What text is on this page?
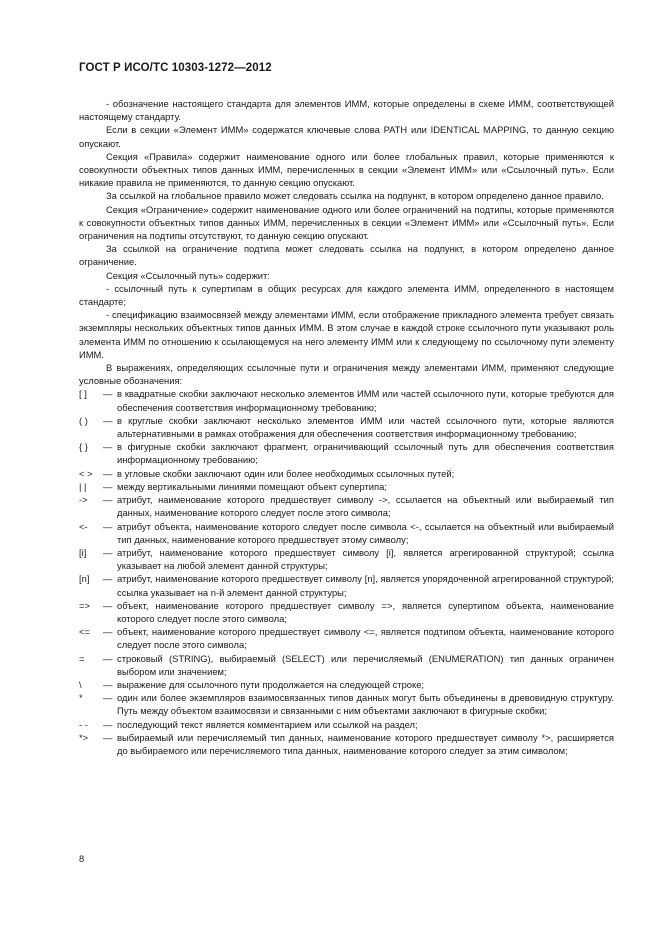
ГОСТ Р ИСО/ТС 10303-1272—2012

- обозначение настоящего стандарта для элементов ИММ, которые определены в схеме ИММ, соответствующей настоящему стандарту.

Если в секции «Элемент ИММ» содержатся ключевые слова PATH или IDENTICAL MAPPING, то данную секцию опускают.

Секция «Правила» содержит наименование одного или более глобальных правил, которые применяются к совокупности объектных типов данных ИММ, перечисленных в секции «Элемент ИММ» или «Ссылочный путь». Если никакие правила не применяются, то данную секцию опускают.

За ссылкой на глобальное правило может следовать ссылка на подпункт, в котором определено данное правило.

Секция «Ограничение» содержит наименование одного или более ограничений на подтипы, которые применяются к совокупности объектных типов данных ИММ, перечисленных в секции «Элемент ИММ» или «Ссылочный путь». Если ограничения на подтипы отсутствуют, то данную секцию опускают.

За ссылкой на ограничение подтипа может следовать ссылка на подпункт, в котором определено данное ограничение.

Секция «Ссылочный путь» содержит:

- ссылочный путь к супертипам в общих ресурсах для каждого элемента ИММ, определенного в настоящем стандарте;

- спецификацию взаимосвязей между элементами ИММ, если отображение прикладного элемента требует связать экземпляры нескольких объектных типов данных ИММ. В этом случае в каждой строке ссылочного пути указывают роль элемента ИММ по отношению к ссылающемуся на него элементу ИММ или к следующему по ссылочному пути элементу ИММ.

В выражениях, определяющих ссылочные пути и ограничения между элементами ИММ, применяют следующие условные обозначения:

[ ] — в квадратные скобки заключают несколько элементов ИММ или частей ссылочного пути, которые требуются для обеспечения соответствия информационному требованию;
( ) — в круглые скобки заключают несколько элементов ИММ или частей ссылочного пути, которые являются альтернативными в рамках отображения для обеспечения соответствия информационному требованию;
{ } — в фигурные скобки заключают фрагмент, ограничивающий ссылочный путь для обеспечения соответствия информационному требованию;
< > — в угловые скобки заключают один или более необходимых ссылочных путей;
| | — между вертикальными линиями помещают объект супертипа;
-> — атрибут, наименование которого предшествует символу ->, ссылается на объектный или выбираемый тип данных, наименование которого следует после этого символа;
<- — атрибут объекта, наименование которого следует после символа <-, ссылается на объектный или выбираемый тип данных, наименование которого предшествует этому символу;
[i] — атрибут, наименование которого предшествует символу [i], является агрегированной структурой; ссылка указывает на любой элемент данной структуры;
[n] — атрибут, наименование которого предшествует символу [n], является упорядоченной агрегированной структурой; ссылка указывает на n-й элемент данной структуры;
=> — объект, наименование которого предшествует символу =>, является супертипом объекта, наименование которого следует после этого символа;
<= — объект, наименование которого предшествует символу <=, является подтипом объекта, наименование которого следует после этого символа;
= — строковый (STRING), выбираемый (SELECT) или перечисляемый (ENUMERATION) тип данных ограничен выбором или значением;
\ — выражение для ссылочного пути продолжается на следующей строке;
* — один или более экземпляров взаимосвязанных типов данных могут быть объединены в древовидную структуру. Путь между объектом взаимосвязи и связанными с ним объектами заключают в фигурные скобки;
- - — последующий текст является комментарием или ссылкой на раздел;
*> — выбираемый или перечисляемый тип данных, наименование которого предшествует символу *>, расширяется до выбираемого или перечисляемого типа данных, наименование которого следует за этим символом;
8
